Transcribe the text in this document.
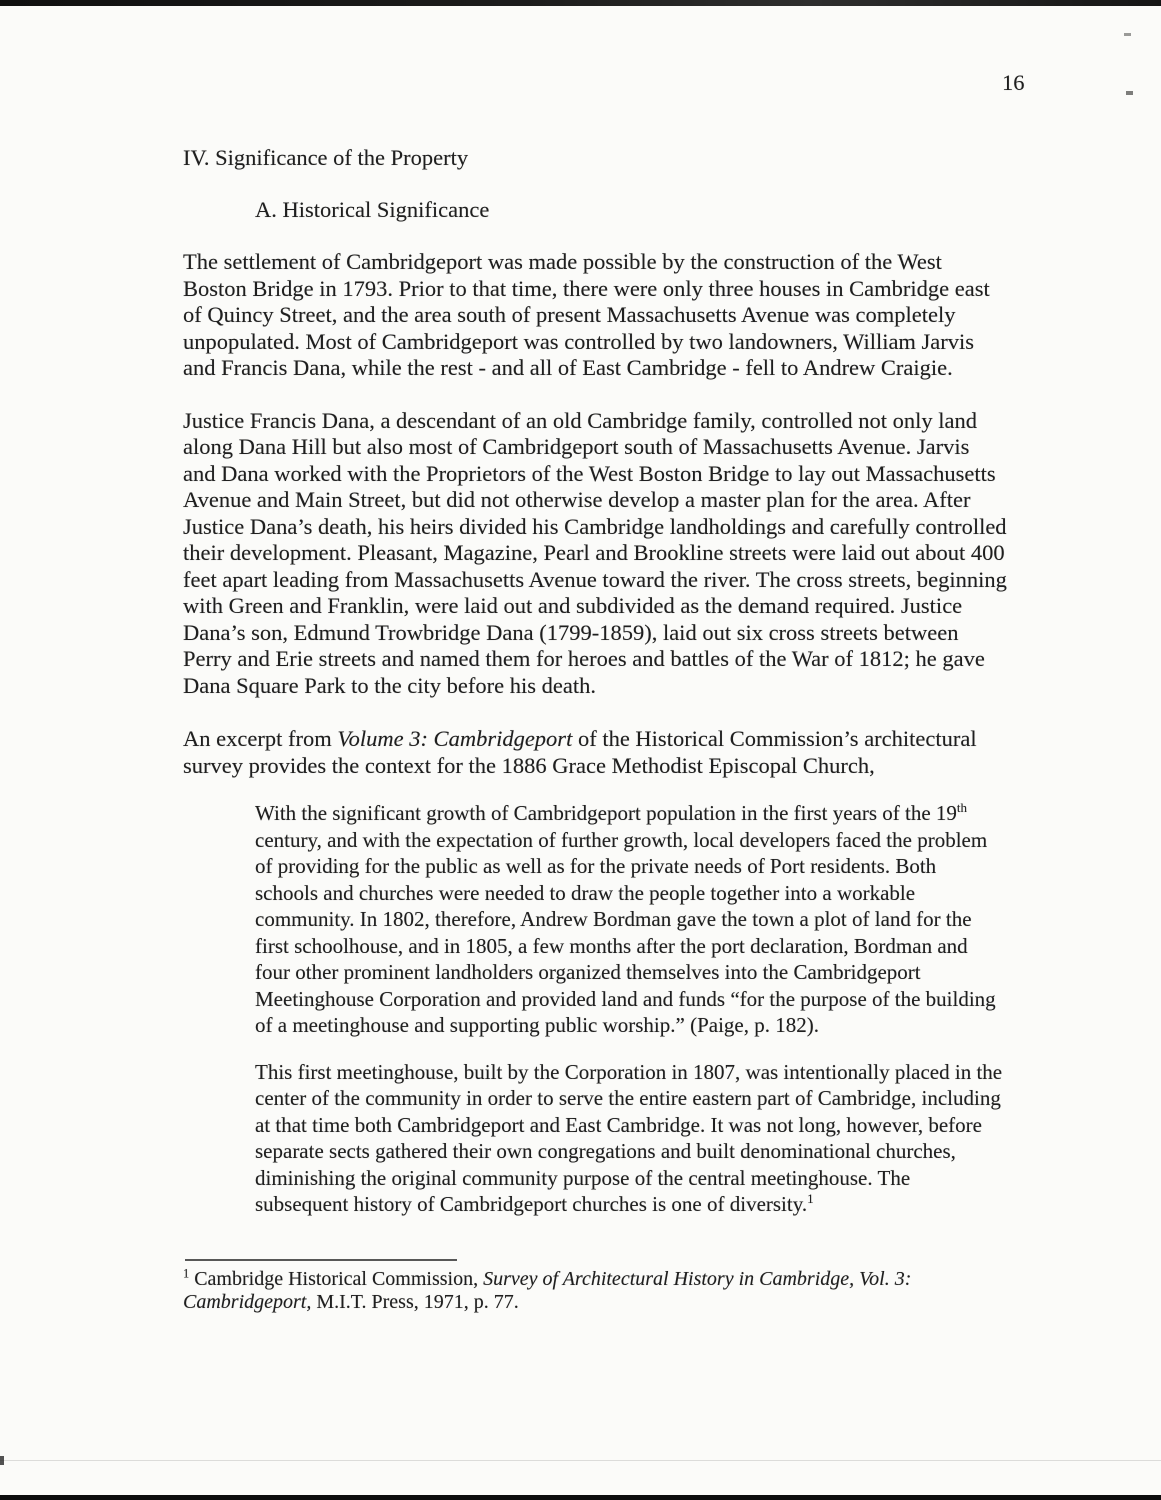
16
IV. Significance of the Property
A. Historical Significance

The settlement of Cambridgeport was made possible by the construction of the West Boston Bridge in 1793. Prior to that time, there were only three houses in Cambridge east of Quincy Street, and the area south of present Massachusetts Avenue was completely unpopulated. Most of Cambridgeport was controlled by two landowners, William Jarvis and Francis Dana, while the rest - and all of East Cambridge - fell to Andrew Craigie.

Justice Francis Dana, a descendant of an old Cambridge family, controlled not only land along Dana Hill but also most of Cambridgeport south of Massachusetts Avenue. Jarvis and Dana worked with the Proprietors of the West Boston Bridge to lay out Massachusetts Avenue and Main Street, but did not otherwise develop a master plan for the area. After Justice Dana’s death, his heirs divided his Cambridge landholdings and carefully controlled their development. Pleasant, Magazine, Pearl and Brookline streets were laid out about 400 feet apart leading from Massachusetts Avenue toward the river. The cross streets, beginning with Green and Franklin, were laid out and subdivided as the demand required. Justice Dana’s son, Edmund Trowbridge Dana (1799-1859), laid out six cross streets between Perry and Erie streets and named them for heroes and battles of the War of 1812; he gave Dana Square Park to the city before his death.

An excerpt from Volume 3: Cambridgeport of the Historical Commission’s architectural survey provides the context for the 1886 Grace Methodist Episcopal Church,

With the significant growth of Cambridgeport population in the first years of the 19th century, and with the expectation of further growth, local developers faced the problem of providing for the public as well as for the private needs of Port residents. Both schools and churches were needed to draw the people together into a workable community. In 1802, therefore, Andrew Bordman gave the town a plot of land for the first schoolhouse, and in 1805, a few months after the port declaration, Bordman and four other prominent landholders organized themselves into the Cambridgeport Meetinghouse Corporation and provided land and funds “for the purpose of the building of a meetinghouse and supporting public worship.” (Paige, p. 182).
This first meetinghouse, built by the Corporation in 1807, was intentionally placed in the center of the community in order to serve the entire eastern part of Cambridge, including at that time both Cambridgeport and East Cambridge. It was not long, however, before separate sects gathered their own congregations and built denominational churches, diminishing the original community purpose of the central meetinghouse. The subsequent history of Cambridgeport churches is one of diversity.$^1$
$^1$ Cambridge Historical Commission, Survey of Architectural History in Cambridge, Vol. 3: Cambridgeport, M.I.T. Press, 1971, p. 77.
